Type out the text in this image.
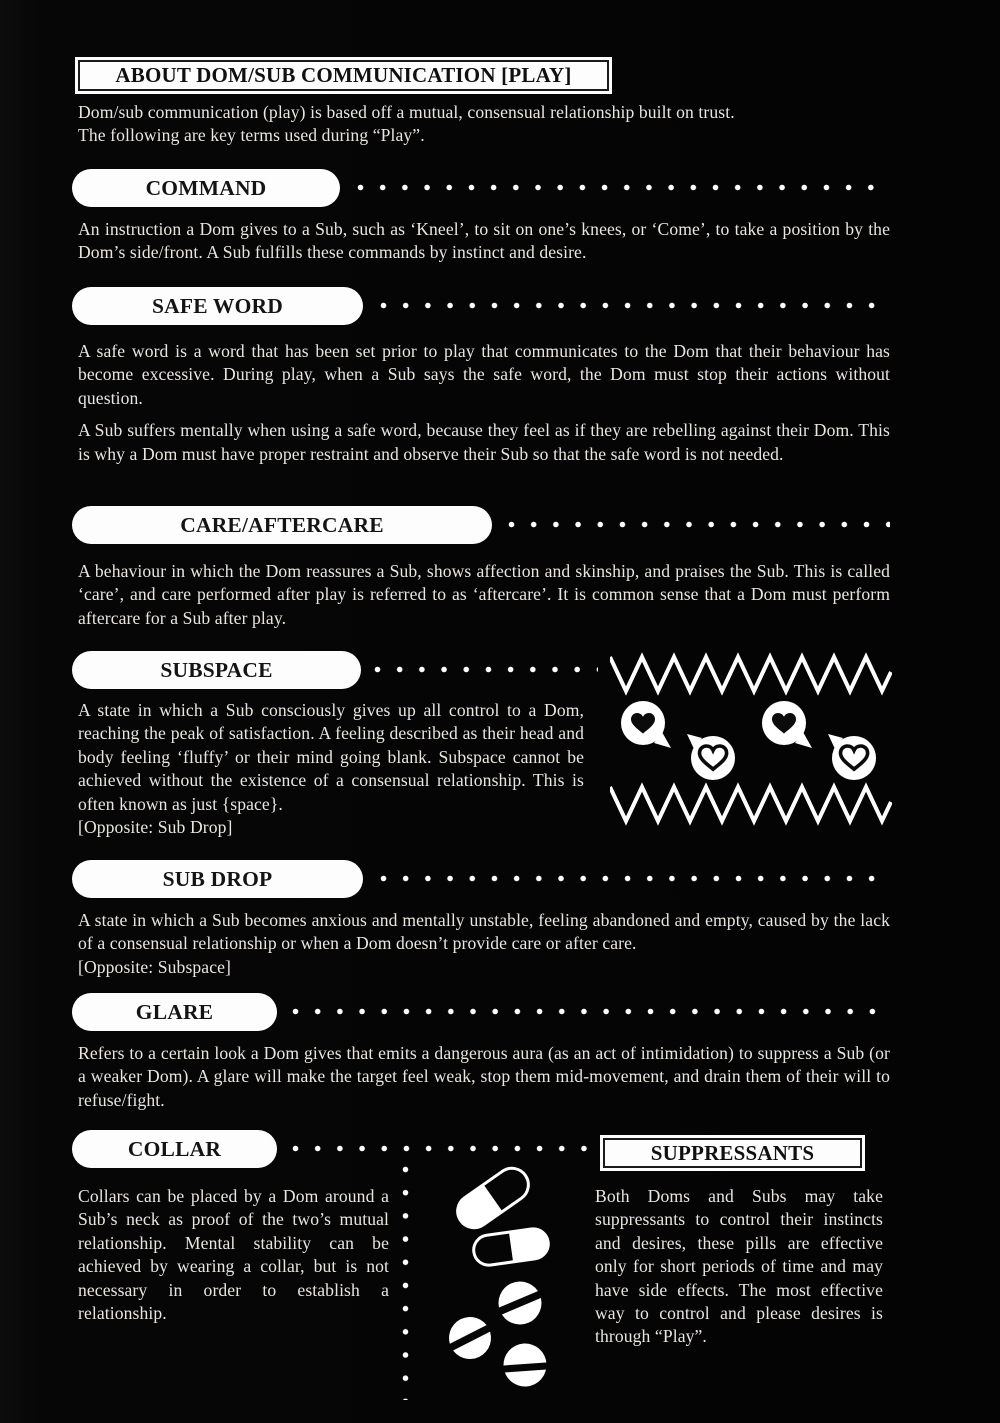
ABOUT DOM/SUB COMMUNICATION [PLAY]
Dom/sub communication (play) is based off a mutual, consensual relationship built on trust.
The following are key terms used during “Play”.
COMMAND
An instruction a Dom gives to a Sub, such as ‘Kneel’, to sit on one’s knees, or ‘Come’, to take a position by the Dom’s side/front. A Sub fulfills these commands by instinct and desire.
SAFE WORD

A safe word is a word that has been set prior to play that communicates to the Dom that their behaviour has become excessive. During play, when a Sub says the safe word, the Dom must stop their actions without question.

A Sub suffers mentally when using a safe word, because they feel as if they are rebelling against their Dom. This is why a Dom must have proper restraint and observe their Sub so that the safe word is not needed.

CARE/AFTERCARE
A behaviour in which the Dom reassures a Sub, shows affection and skinship, and praises the Sub. This is called ‘care’, and care performed after play is referred to as ‘aftercare’. It is common sense that a Dom must perform aftercare for a Sub after play.
SUBSPACE

A state in which a Sub consciously gives up all control to a Dom, reaching the peak of satisfaction. A feeling described as their head and body feeling ‘fluffy’ or their mind going blank. Subspace cannot be achieved without the existence of a consensual relationship. This is often known as just {space}.

[Opposite: Sub Drop]

SUB DROP

A state in which a Sub becomes anxious and mentally unstable, feeling abandoned and empty, caused by the lack of a consensual relationship or when a Dom doesn’t provide care or after care.

[Opposite: Subspace]

GLARE
Refers to a certain look a Dom gives that emits a dangerous aura (as an act of intimidation) to suppress a Sub (or a weaker Dom). A glare will make the target feel weak, stop them mid-movement, and drain them of their will to refuse/fight.
COLLAR
Collars can be placed by a Dom around a Sub’s neck as proof of the two’s mutual relationship. Mental stability can be achieved by wearing a collar, but is not necessary in order to establish a relationship.
SUPPRESSANTS
Both Doms and Subs may take suppressants to control their instincts and desires, these pills are effective only for short periods of time and may have side effects. The most effective way to control and please desires is through “Play”.
